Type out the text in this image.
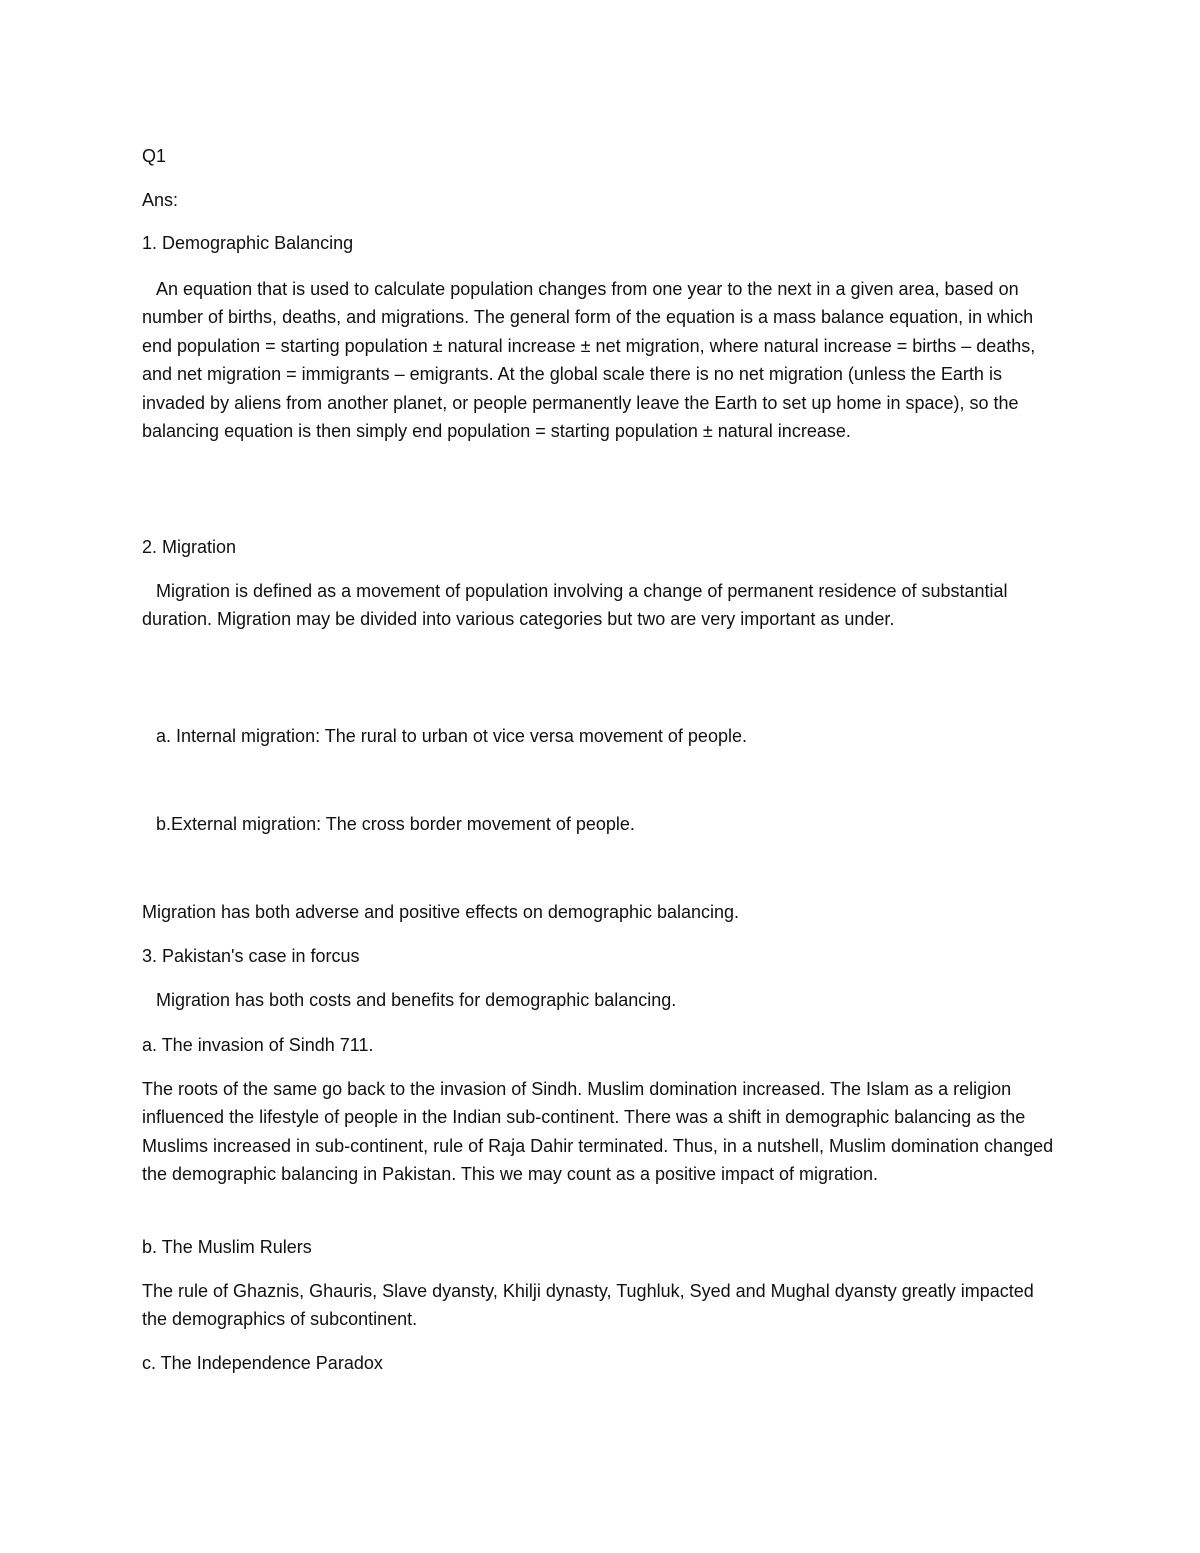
Q1
Ans:
1. Demographic Balancing

An equation that is used to calculate population changes from one year to the next in a given area, based on number of births, deaths, and migrations. The general form of the equation is a mass balance equation, in which end population = starting population ± natural increase ± net migration, where natural increase = births – deaths, and net migration = immigrants – emigrants. At the global scale there is no net migration (unless the Earth is invaded by aliens from another planet, or people permanently leave the Earth to set up home in space), so the balancing equation is then simply end population = starting population ± natural increase.

2. Migration

Migration is defined as a movement of population involving a change of permanent residence of substantial duration. Migration may be divided into various categories but two are very important as under.

a. Internal migration: The rural to urban ot vice versa movement of people.
b.External migration: The cross border movement of people.
Migration has both adverse and positive effects on demographic balancing.
3. Pakistan's case in forcus
Migration has both costs and benefits for demographic balancing.
a. The invasion of Sindh 711.

The roots of the same go back to the invasion of Sindh. Muslim domination increased. The Islam as a religion influenced the lifestyle of people in the Indian sub-continent. There was a shift in demographic balancing as the Muslims increased in sub-continent, rule of Raja Dahir terminated. Thus, in a nutshell, Muslim domination changed the demographic balancing in Pakistan. This we may count as a positive impact of migration.

b. The Muslim Rulers

The rule of Ghaznis, Ghauris, Slave dyansty, Khilji dynasty, Tughluk, Syed and Mughal dyansty greatly impacted the demographics of subcontinent.

c. The Independence Paradox
